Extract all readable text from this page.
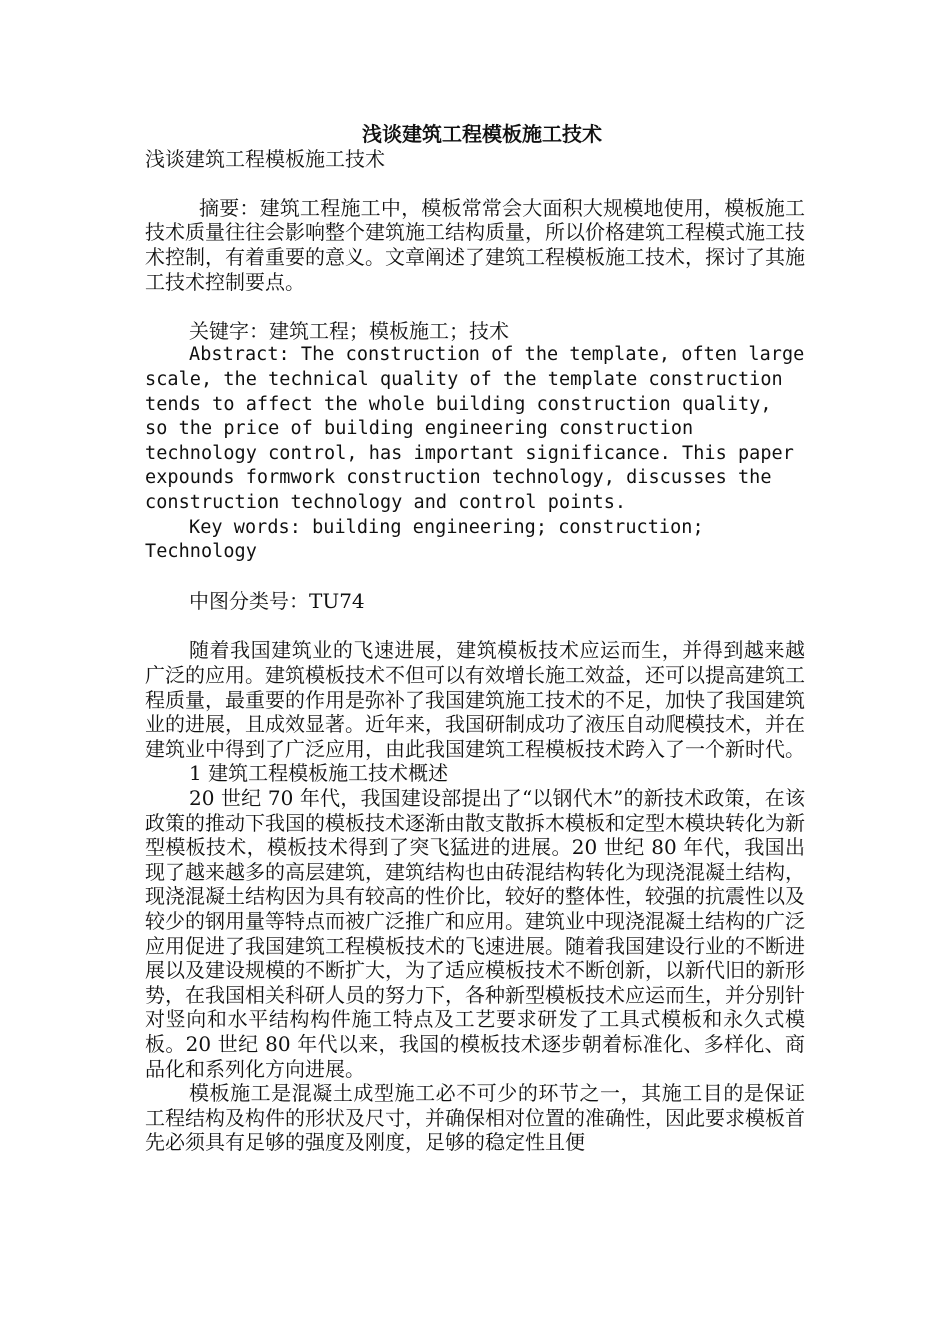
浅谈建筑工程模板施工技术

浅谈建筑工程模板施工技术

摘要：建筑工程施工中，模板常常会大面积大规模地使用，模板施工技术质量往往会影响整个建筑施工结构质量，所以价格建筑工程模式施工技术控制，有着重要的意义。文章阐述了建筑工程模板施工技术，探讨了其施工技术控制要点。

关键字：建筑工程；模板施工；技术

Abstract: The construction of the template, often large scale, the technical quality of the template construction tends to affect the whole building construction quality, so the price of building engineering construction technology control, has important significance. This paper expounds formwork construction technology, discusses the construction technology and control points.

Key words: building engineering; construction; Technology

中图分类号：TU74

随着我国建筑业的飞速进展，建筑模板技术应运而生，并得到越来越广泛的应用。建筑模板技术不但可以有效增长施工效益，还可以提高建筑工程质量，最重要的作用是弥补了我国建筑施工技术的不足，加快了我国建筑业的进展，且成效显著。近年来，我国研制成功了液压自动爬模技术，并在建筑业中得到了广泛应用，由此我国建筑工程模板技术跨入了一个新时代。

1 建筑工程模板施工技术概述

20 世纪 70 年代，我国建设部提出了“以钢代木”的新技术政策，在该政策的推动下我国的模板技术逐渐由散支散拆木模板和定型木模块转化为新型模板技术，模板技术得到了突飞猛进的进展。20 世纪 80 年代，我国出现了越来越多的高层建筑，建筑结构也由砖混结构转化为现浇混凝土结构，现浇混凝土结构因为具有较高的性价比，较好的整体性，较强的抗震性以及较少的钢用量等特点而被广泛推广和应用。建筑业中现浇混凝土结构的广泛应用促进了我国建筑工程模板技术的飞速进展。随着我国建设行业的不断进展以及建设规模的不断扩大，为了适应模板技术不断创新，以新代旧的新形势，在我国相关科研人员的努力下，各种新型模板技术应运而生，并分别针对竖向和水平结构构件施工特点及工艺要求研发了工具式模板和永久式模板。20 世纪 80 年代以来，我国的模板技术逐步朝着标准化、多样化、商品化和系列化方向进展。

模板施工是混凝土成型施工必不可少的环节之一，其施工目的是保证工程结构及构件的形状及尺寸，并确保相对位置的准确性，因此要求模板首先必须具有足够的强度及刚度，足够的稳定性且便
